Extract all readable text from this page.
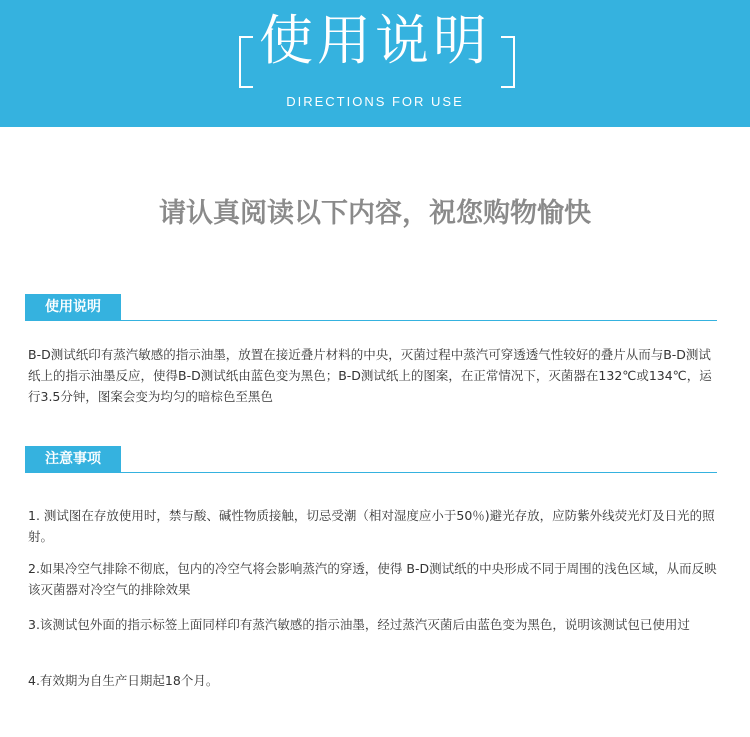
使用说明
DIRECTIONS FOR USE
请认真阅读以下内容，祝您购物愉快
使用说明

B-D测试纸印有蒸汽敏感的指示油墨，放置在接近叠片材料的中央，灭菌过程中蒸汽可穿透透气性较好的叠片从而与B-D测试纸上的指示油墨反应，使得B-D测试纸由蓝色变为黑色；B-D测试纸上的图案，在正常情况下，灭菌器在132℃或134℃，运行3.5分钟，图案会变为均匀的暗棕色至黑色

注意事项

1. 测试图在存放使用时，禁与酸、碱性物质接触，切忌受潮（相对湿度应小于50％)避光存放，应防紫外线荧光灯及日光的照射。

2.如果冷空气排除不彻底，包内的冷空气将会影响蒸汽的穿透，使得 B-D测试纸的中央形成不同于周围的浅色区域，从而反映该灭菌器对冷空气的排除效果

3.该测试包外面的指示标签上面同样印有蒸汽敏感的指示油墨，经过蒸汽灭菌后由蓝色变为黑色，说明该测试包已使用过

4.有效期为自生产日期起18个月。
